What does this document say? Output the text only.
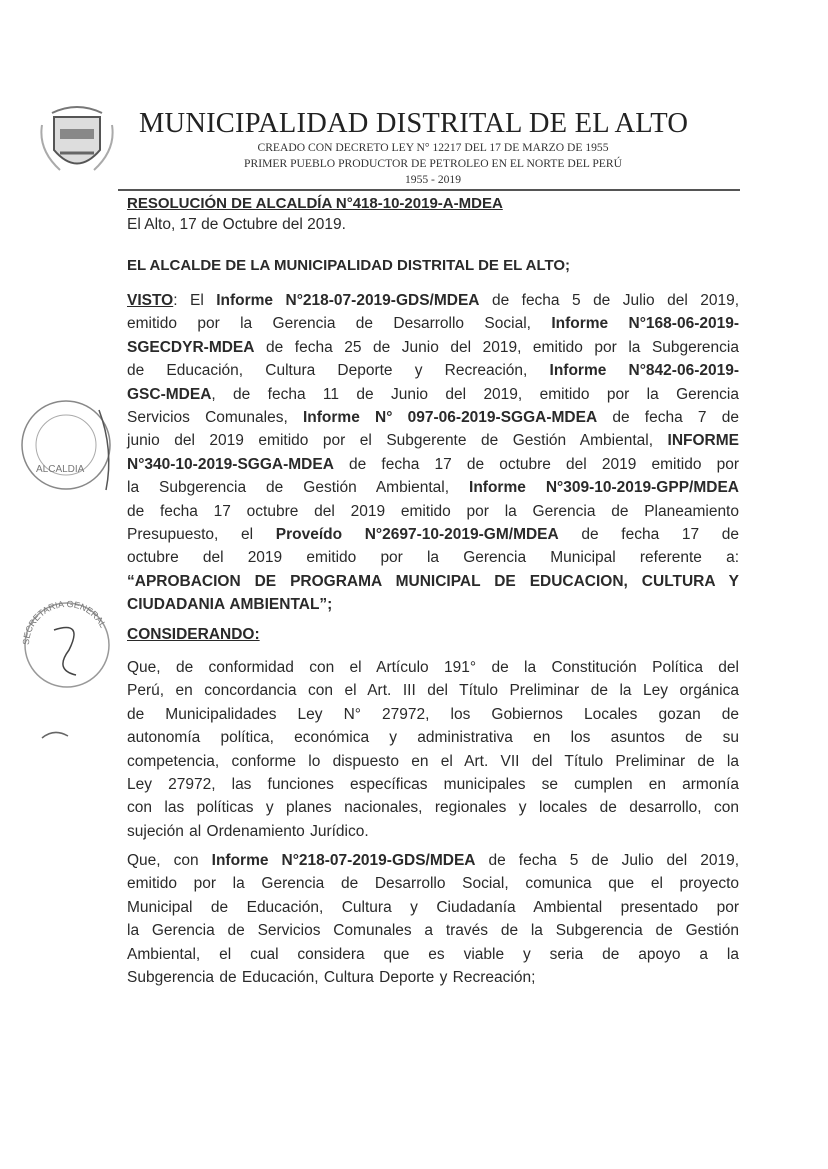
MUNICIPALIDAD DISTRITAL DE EL ALTO
CREADO CON DECRETO LEY N° 12217 DEL 17 DE MARZO DE 1955
PRIMER PUEBLO PRODUCTOR DE PETROLEO EN EL NORTE DEL PERÚ
1955 - 2019
RESOLUCIÓN DE ALCALDÍA N°418-10-2019-A-MDEA
El Alto, 17 de Octubre del 2019.
EL ALCALDE DE LA MUNICIPALIDAD DISTRITAL DE EL ALTO;
VISTO: El Informe N°218-07-2019-GDS/MDEA de fecha 5 de Julio del 2019,
emitido por la Gerencia de Desarrollo Social, Informe N°168-06-2019-
SGECDYR-MDEA de fecha 25 de Junio del 2019, emitido por la Subgerencia
de Educación, Cultura Deporte y Recreación, Informe N°842-06-2019-
GSC-MDEA, de fecha 11 de Junio del 2019, emitido por la Gerencia
Servicios Comunales, Informe N° 097-06-2019-SGGA-MDEA de fecha 7 de
junio del 2019 emitido por el Subgerente de Gestión Ambiental, INFORME
N°340-10-2019-SGGA-MDEA de fecha 17 de octubre del 2019 emitido por
la Subgerencia de Gestión Ambiental, Informe N°309-10-2019-GPP/MDEA
de fecha 17 octubre del 2019 emitido por la Gerencia de Planeamiento
Presupuesto, el Proveído N°2697-10-2019-GM/MDEA de fecha 17 de
octubre del 2019 emitido por la Gerencia Municipal referente a:
“APROBACION DE PROGRAMA MUNICIPAL DE EDUCACION, CULTURA Y
CIUDADANIA AMBIENTAL”;
CONSIDERANDO:
Que, de conformidad con el Artículo 191° de la Constitución Política del
Perú, en concordancia con el Art. III del Título Preliminar de la Ley orgánica
de Municipalidades Ley N° 27972, los Gobiernos Locales gozan de
autonomía política, económica y administrativa en los asuntos de su
competencia, conforme lo dispuesto en el Art. VII del Título Preliminar de la
Ley 27972, las funciones específicas municipales se cumplen en armonía
con las políticas y planes nacionales, regionales y locales de desarrollo, con
sujeción al Ordenamiento Jurídico.
Que, con Informe N°218-07-2019-GDS/MDEA de fecha 5 de Julio del 2019,
emitido por la Gerencia de Desarrollo Social, comunica que el proyecto
Municipal de Educación, Cultura y Ciudadanía Ambiental presentado por
la Gerencia de Servicios Comunales a través de la Subgerencia de Gestión
Ambiental, el cual considera que es viable y seria de apoyo a la
Subgerencia de Educación, Cultura Deporte y Recreación;
ALCALDIA
SECRETARIA GENERAL
